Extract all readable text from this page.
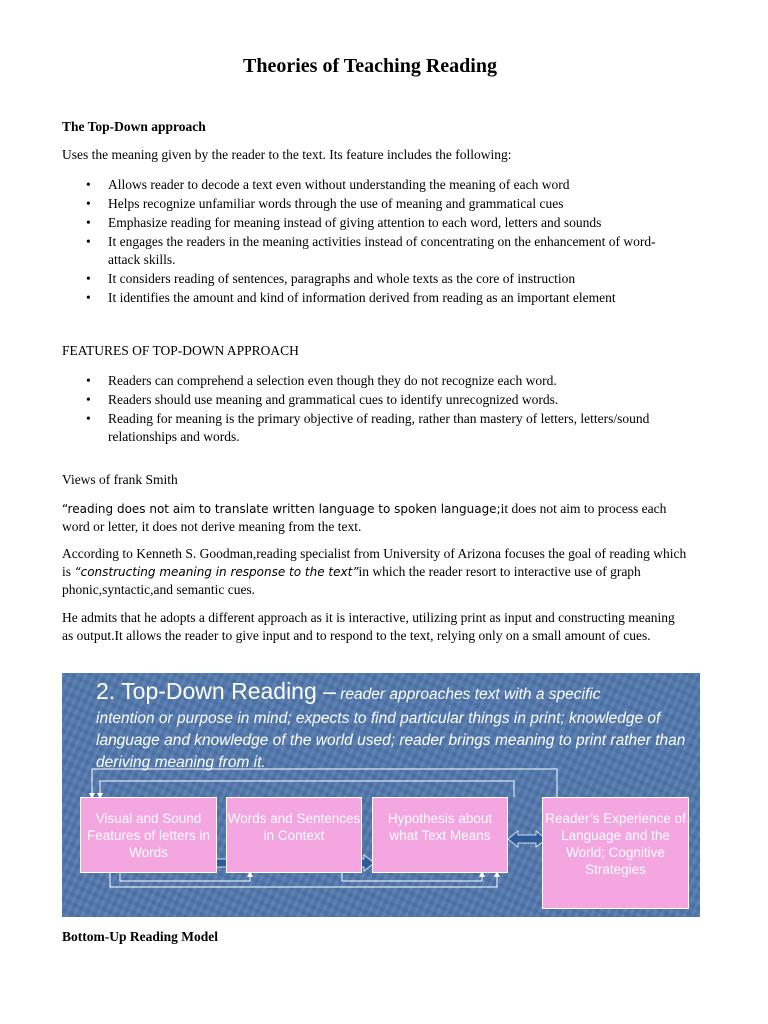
Theories of Teaching Reading
The Top-Down approach
Uses the meaning given by the reader to the text. Its feature includes the following:
• Allows reader to decode a text even without understanding the meaning of each word
• Helps recognize unfamiliar words through the use of meaning and grammatical cues
• Emphasize reading for meaning instead of giving attention to each word, letters and sounds
• It engages the readers in the meaning activities instead of concentrating on the enhancement of word-attack skills.
• It considers reading of sentences, paragraphs and whole texts as the core of instruction
• It identifies the amount and kind of information derived from reading as an important element
FEATURES OF TOP-DOWN APPROACH
• Readers can comprehend a selection even though they do not recognize each word.
• Readers should use meaning and grammatical cues to identify unrecognized words.
• Reading for meaning is the primary objective of reading, rather than mastery of letters, letters/sound relationships and words.
Views of frank Smith
“reading does not aim to translate written language to spoken language;it does not aim to process each word or letter, it does not derive meaning from the text.
According to Kenneth S. Goodman,reading specialist from University of Arizona focuses the goal of reading which is “constructing meaning in response to the text”in which the reader resort to interactive use of graph phonic,syntactic,and semantic cues.
He admits that he adopts a different approach as it is interactive, utilizing print as input and constructing meaning as output.It allows the reader to give input and to respond to the text, relying only on a small amount of cues.
2. Top-Down Reading – reader approaches text with a specific
intention or purpose in mind; expects to find particular things in print; knowledge of language and knowledge of the world used; reader brings meaning to print rather than deriving meaning from it.
Visual and Sound Features of letters in Words
Words and Sentences in Context
Hypothesis about what Text Means
Reader’s Experience of Language and the World; Cognitive Strategies
Bottom-Up Reading Model
